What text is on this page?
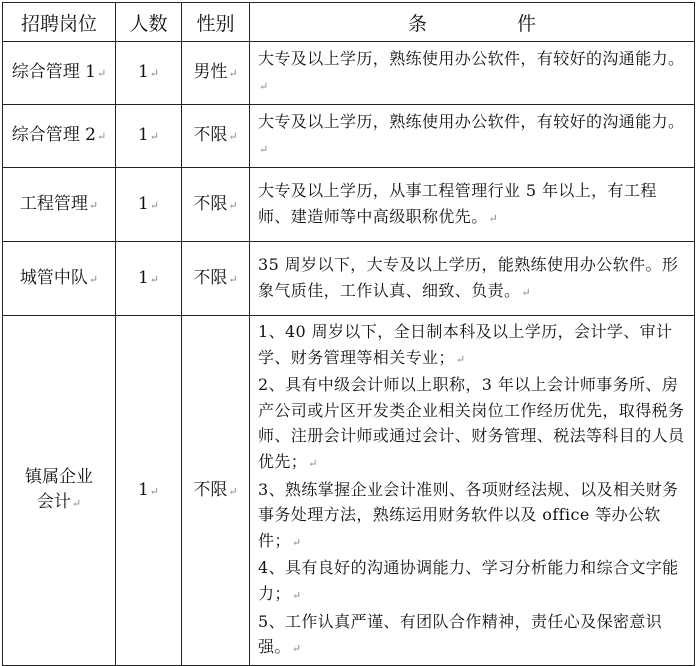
招聘岗位	人数	性别	条 件
综合管理 1↵	1↵	男性↵	大专及以上学历，熟练使用办公软件，有较好的沟通能力。↵

综合管理 2↵	1↵	不限↵	大专及以上学历，熟练使用办公软件，有较好的沟通能力。↵

工程管理↵	1↵	不限↵	大专及以上学历，从事工程管理行业 5 年以上，有工程师、建造师等中高级职称优先。↵

城管中队↵	1↵	不限↵	35 周岁以下，大专及以上学历，能熟练使用办公软件。形象气质佳，工作认真、细致、负责。↵

镇属企业会计↵	1↵	不限↵	1、40 周岁以下，全日制本科及以上学历，会计学、审计学、财务管理等相关专业；↵
2、具有中级会计师以上职称，3 年以上会计师事务所、房产公司或片区开发类企业相关岗位工作经历优先，取得税务师、注册会计师或通过会计、财务管理、税法等科目的人员优先；↵
3、熟练掌握企业会计准则、各项财经法规、以及相关财务事务处理方法，熟练运用财务软件以及 office 等办公软件；↵
4、具有良好的沟通协调能力、学习分析能力和综合文字能力；↵
5、工作认真严谨、有团队合作精神，责任心及保密意识强。↵
